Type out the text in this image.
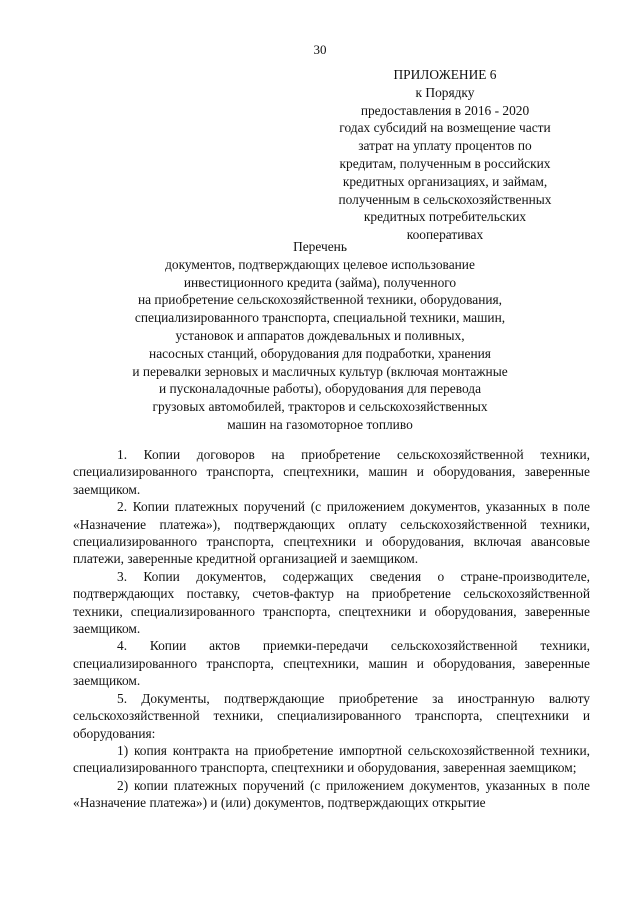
30
ПРИЛОЖЕНИЕ 6
к Порядку
предоставления в 2016 - 2020
годах субсидий на возмещение части
затрат на уплату процентов по
кредитам, полученным в российских
кредитных организациях, и займам,
полученным в сельскохозяйственных
кредитных потребительских
кооперативах
Перечень
документов, подтверждающих целевое использование
инвестиционного кредита (займа), полученного
на приобретение сельскохозяйственной техники, оборудования,
специализированного транспорта, специальной техники, машин,
установок и аппаратов дождевальных и поливных,
насосных станций, оборудования для подработки, хранения
и перевалки зерновых и масличных культур (включая монтажные
и пусконаладочные работы), оборудования для перевода
грузовых автомобилей, тракторов и сельскохозяйственных
машин на газомоторное топливо

1. Копии договоров на приобретение сельскохозяйственной техники, специализированного транспорта, спецтехники, машин и оборудования, заверенные заемщиком.

2. Копии платежных поручений (с приложением документов, указанных в поле «Назначение платежа»), подтверждающих оплату сельскохозяйственной техники, специализированного транспорта, спецтехники и оборудования, включая авансовые платежи, заверенные кредитной организацией и заемщиком.

3. Копии документов, содержащих сведения о стране-производителе, подтверждающих поставку, счетов-фактур на приобретение сельскохозяйственной техники, специализированного транспорта, спецтехники и оборудования, заверенные заемщиком.

4. Копии актов приемки-передачи сельскохозяйственной техники, специализированного транспорта, спецтехники, машин и оборудования, заверенные заемщиком.

5. Документы, подтверждающие приобретение за иностранную валюту сельскохозяйственной техники, специализированного транспорта, спецтехники и оборудования:

1) копия контракта на приобретение импортной сельскохозяйственной техники, специализированного транспорта, спецтехники и оборудования, заверенная заемщиком;

2) копии платежных поручений (с приложением документов, указанных в поле «Назначение платежа») и (или) документов, подтверждающих открытие
